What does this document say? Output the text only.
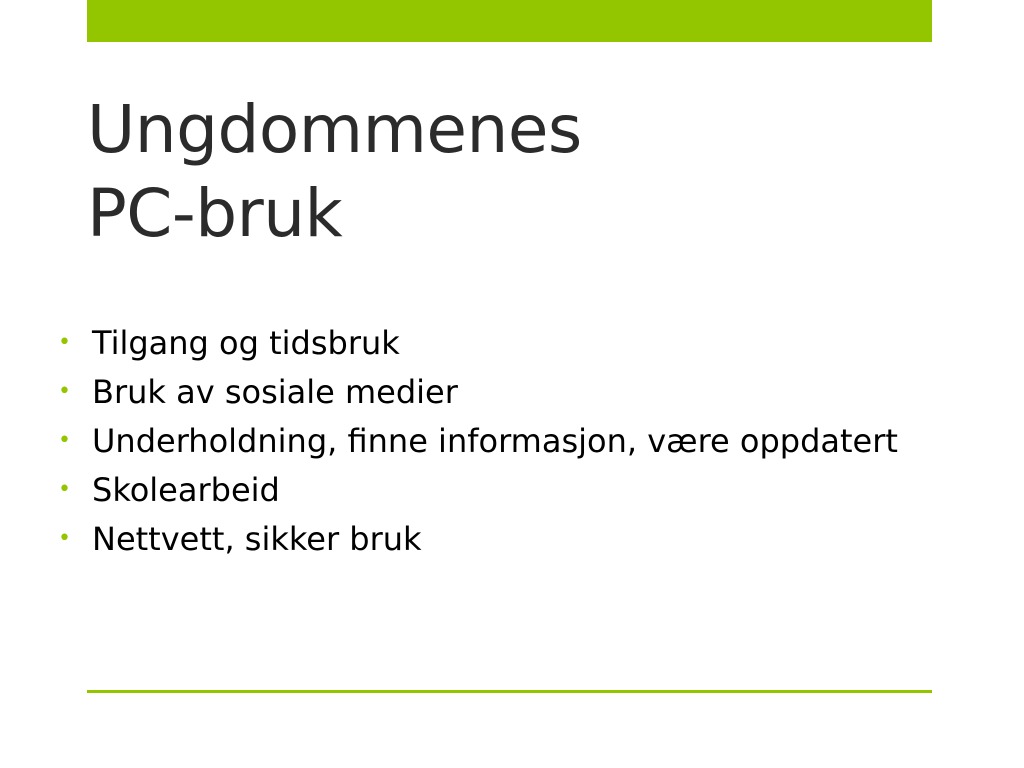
Ungdommenes
PC-bruk
• Tilgang og tidsbruk
• Bruk av sosiale medier
• Underholdning, finne informasjon, være oppdatert
• Skolearbeid
• Nettvett, sikker bruk
